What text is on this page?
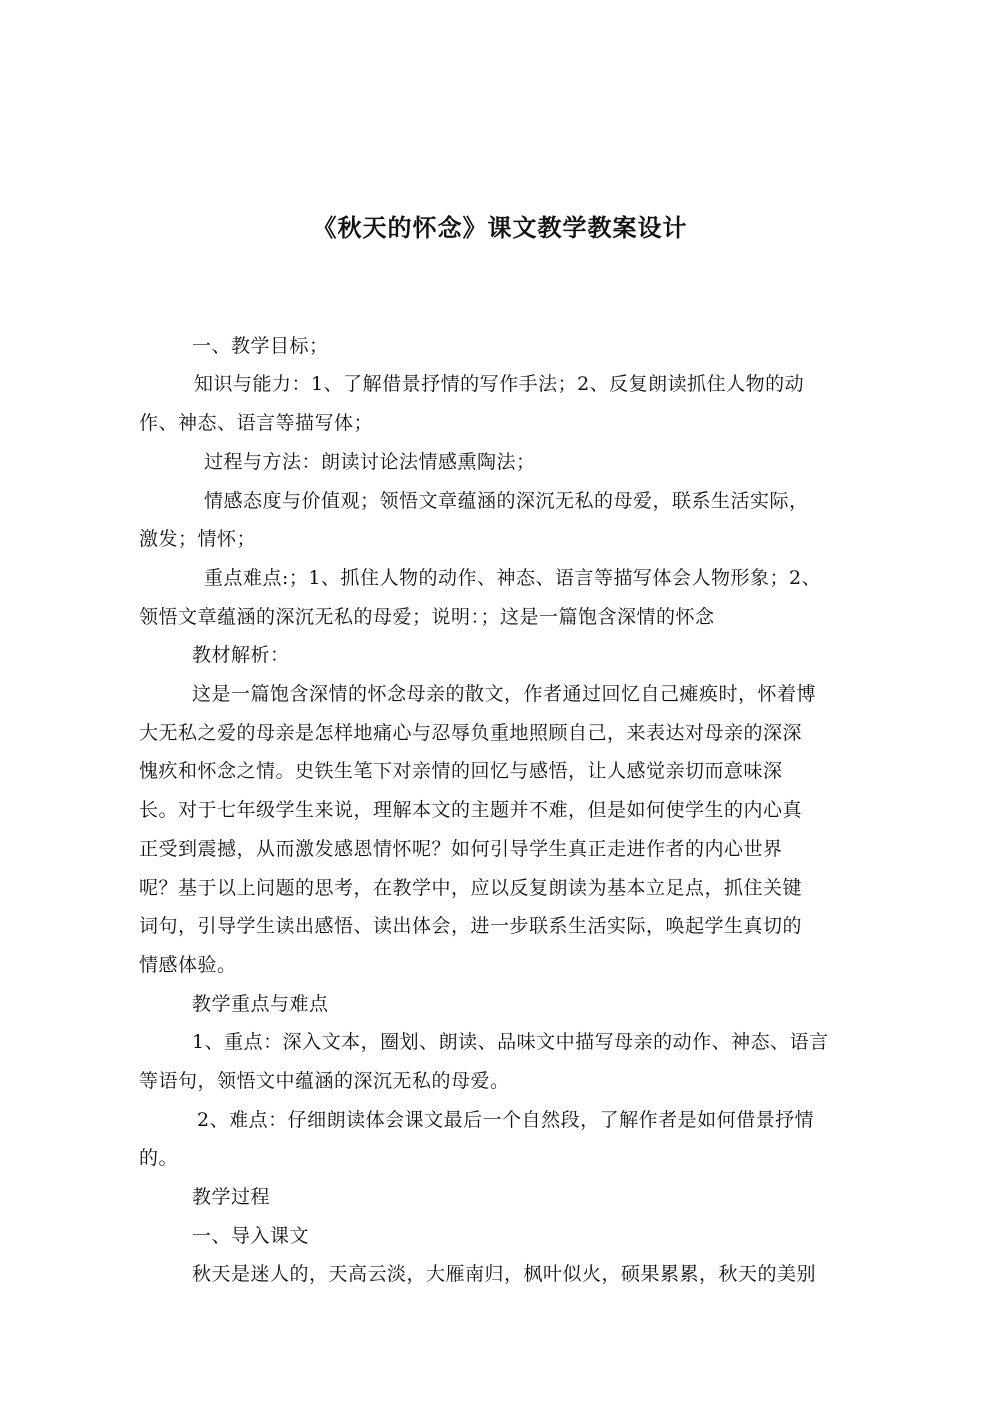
《秋天的怀念》课文教学教案设计
一、教学目标；
知识与能力：1、了解借景抒情的写作手法；2、反复朗读抓住人物的动
作、神态、语言等描写体；
过程与方法：朗读讨论法情感熏陶法；
情感态度与价值观；领悟文章蕴涵的深沉无私的母爱，联系生活实际，
激发；情怀；
重点难点:；1、抓住人物的动作、神态、语言等描写体会人物形象；2、
领悟文章蕴涵的深沉无私的母爱；说明：；这是一篇饱含深情的怀念
教材解析：
这是一篇饱含深情的怀念母亲的散文，作者通过回忆自己瘫痪时，怀着博
大无私之爱的母亲是怎样地痛心与忍辱负重地照顾自己，来表达对母亲的深深
愧疚和怀念之情。史铁生笔下对亲情的回忆与感悟，让人感觉亲切而意味深
长。对于七年级学生来说，理解本文的主题并不难，但是如何使学生的内心真
正受到震撼，从而激发感恩情怀呢？如何引导学生真正走进作者的内心世界
呢？基于以上问题的思考，在教学中，应以反复朗读为基本立足点，抓住关键
词句，引导学生读出感悟、读出体会，进一步联系生活实际，唤起学生真切的
情感体验。
教学重点与难点
1、重点：深入文本，圈划、朗读、品味文中描写母亲的动作、神态、语言
等语句，领悟文中蕴涵的深沉无私的母爱。
2、难点：仔细朗读体会课文最后一个自然段，了解作者是如何借景抒情
的。
教学过程
一、导入课文
秋天是迷人的，天高云淡，大雁南归，枫叶似火，硕果累累，秋天的美别
